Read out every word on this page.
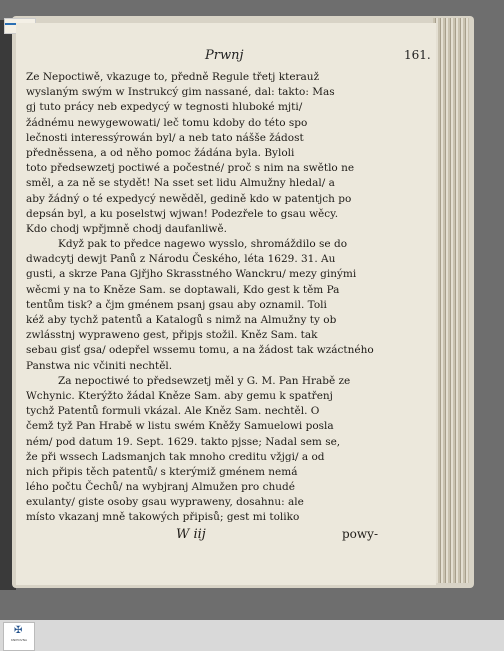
Prwnj	161.
Ze Nepoctiwě, vkazuge to, předně Regule třetj kterauž
wyslaným swým w Instrukcý gim nassané, dal: takto: Mas
gj tuto prácy neb expedycý w tegnosti hluboké mjti/
žádnému newygewowati/ leč tomu kdoby do této spo
lečnosti interessýrowán byl/ a neb tato nášše žádost
předněssena, a od něho pomoc žádána byla. Byloli
toto předsewzetj poctiwé a počestné/ proč s nim na swětlo ne
směl, a za ně se stydět! Na sset set lidu Almužny hledal/ a
aby žádný o té expedycý newěděl, gedině kdo w patentjch po
depsán byl, a ku poselstwj wjwan! Podezřele to gsau wěcy.
Kdo chodj wpřjmně chodj daufanliwě.
Když pak to předce nagewo wysslo, shromáždilo se do
dwadcytj dewjt Panů z Národu Českého, léta 1629. 31. Au
gusti, a skrze Pana Gjřjho Skrasstného Wanckru/ mezy ginými
wěcmi y na to Kněze Sam. se doptawali, Kdo gest k těm Pa
tentům tisk? a čjm gménem psanj gsau aby oznamil. Toli
kéž aby tychž patentů a Katalogů s nimž na Almužny ty ob
zwlásstnj wypraweno gest, připjs stožil. Kněz Sam. tak
sebau gisť gsa/ odepřel wssemu tomu, a na žádost tak wzáctného
Panstwa nic včiniti nechtěl.
Za nepoctiwé to předsewzetj měl y G. M. Pan Hrabě ze
Wchynic. Kterýžto žádal Kněze Sam. aby gemu k spatřenj
tychž Patentů formuli vkázal. Ale Kněz Sam. nechtěl. O
čemž tyž Pan Hrabě w listu swém Kněžy Samuelowi posla
ném/ pod datum 19. Sept. 1629. takto pjsse; Nadal sem se,
že při wssech Ladsmanjch tak mnoho creditu vžjgi/ a od
nich připis těch patentů/ s kterýmiž gménem nemá
lého počtu Čechů/ na wybjranj Almužen pro chudé
exulanty/ giste osoby gsau wypraweny, dosahnu: ale
místo vkazanj mně takowých připisů; gest mi toliko
W iij	powy-
✠
KNIHOVNA
